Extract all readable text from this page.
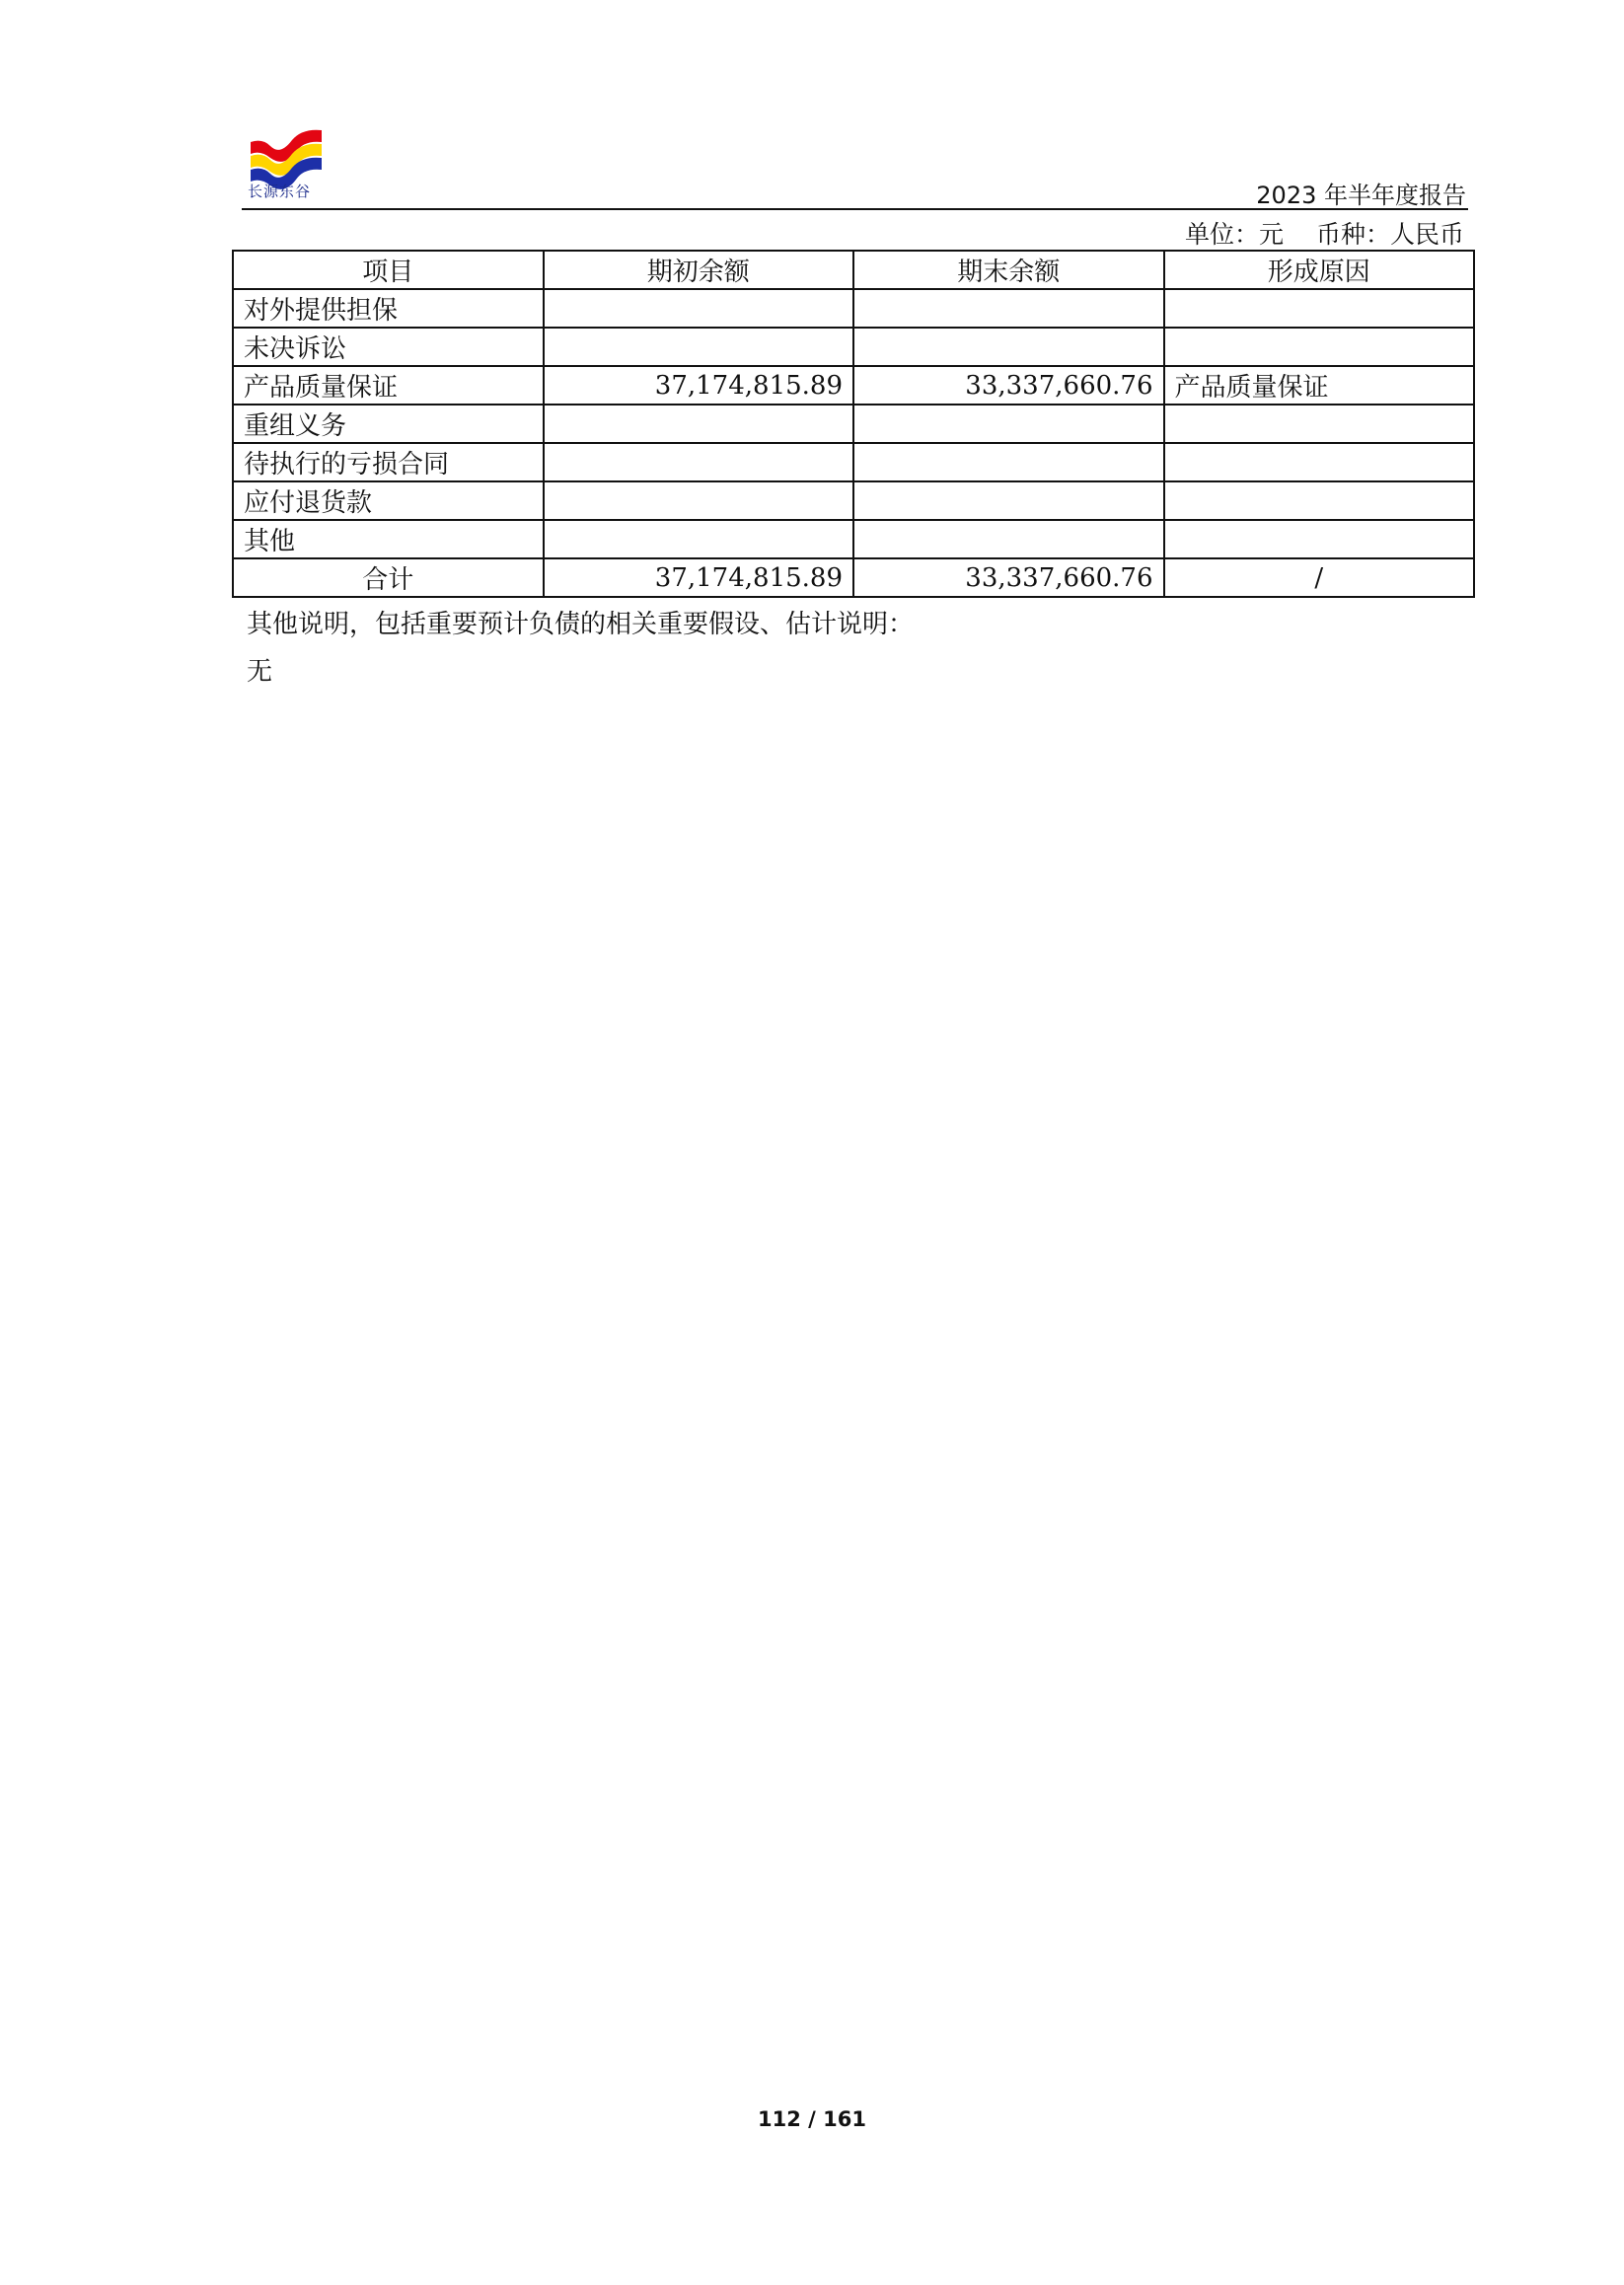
长源东谷	2023 年半年度报告
单位：元　 币种：人民币
项目	期初余额	期末余额	形成原因
对外提供担保			
未决诉讼			
产品质量保证	37,174,815.89	33,337,660.76	产品质量保证
重组义务			
待执行的亏损合同			
应付退货款			
其他			
合计	37,174,815.89	33,337,660.76	/
其他说明，包括重要预计负债的相关重要假设、估计说明：
无
112 / 161
